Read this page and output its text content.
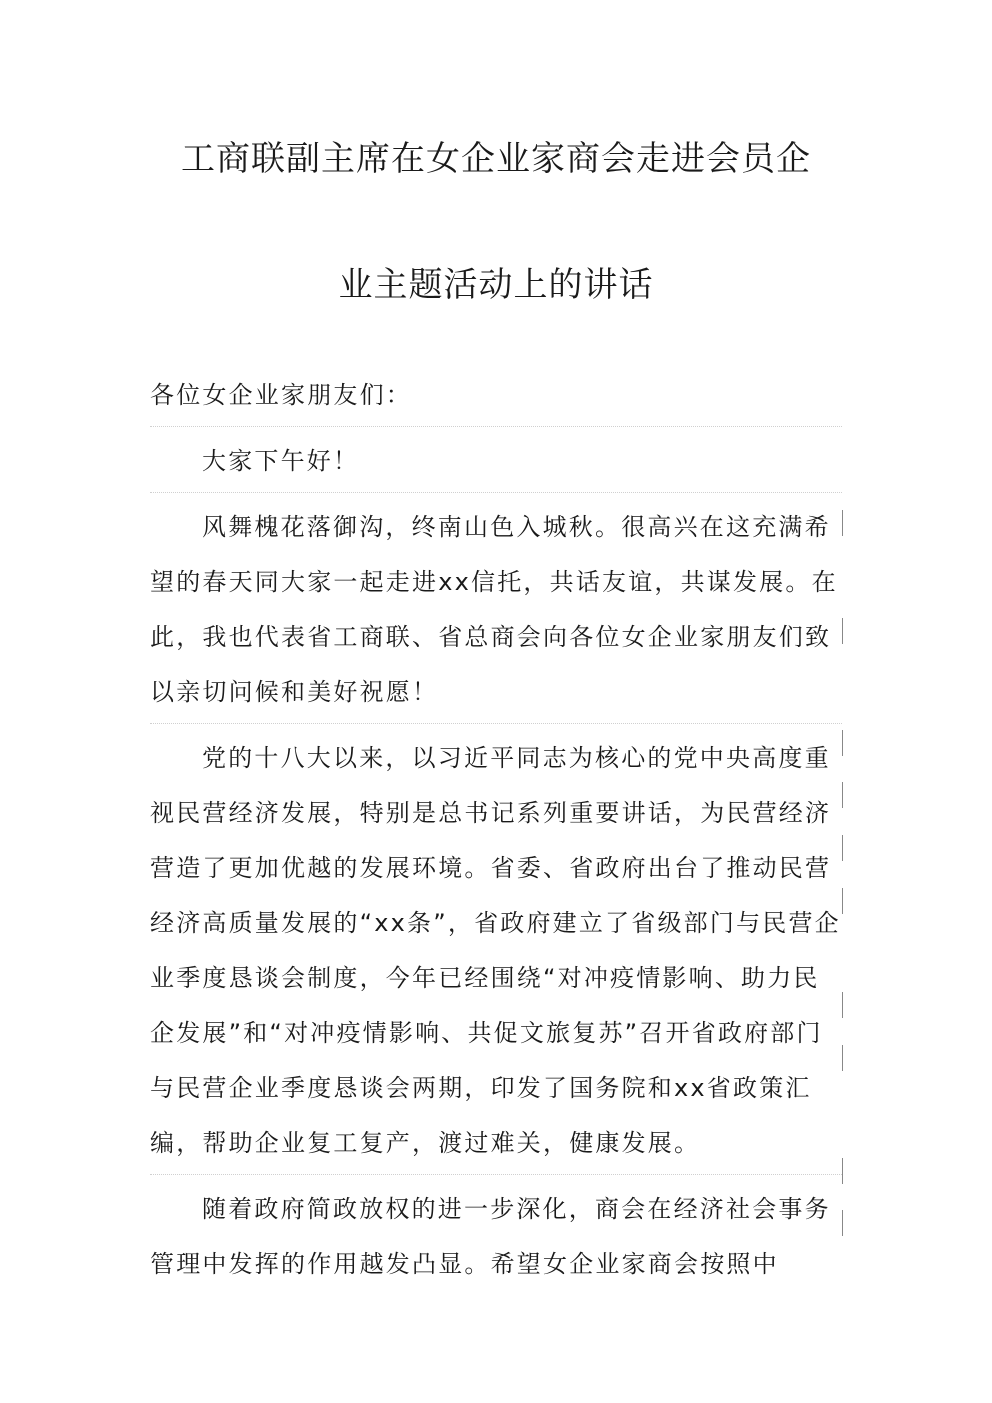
工商联副主席在女企业家商会走进会员企
业主题活动上的讲话
各位女企业家朋友们：
大家下午好！
风舞槐花落御沟，终南山色入城秋。很高兴在这充满希望的春天同大家一起走进xx信托，共话友谊，共谋发展。在此，我也代表省工商联、省总商会向各位女企业家朋友们致以亲切问候和美好祝愿！
党的十八大以来，以习近平同志为核心的党中央高度重视民营经济发展，特别是总书记系列重要讲话，为民营经济营造了更加优越的发展环境。省委、省政府出台了推动民营经济高质量发展的“xx条”，省政府建立了省级部门与民营企业季度恳谈会制度，今年已经围绕“对冲疫情影响、助力民企发展”和“对冲疫情影响、共促文旅复苏”召开省政府部门与民营企业季度恳谈会两期，印发了国务院和xx省政策汇编，帮助企业复工复产，渡过难关，健康发展。
随着政府简政放权的进一步深化，商会在经济社会事务管理中发挥的作用越发凸显。希望女企业家商会按照中
